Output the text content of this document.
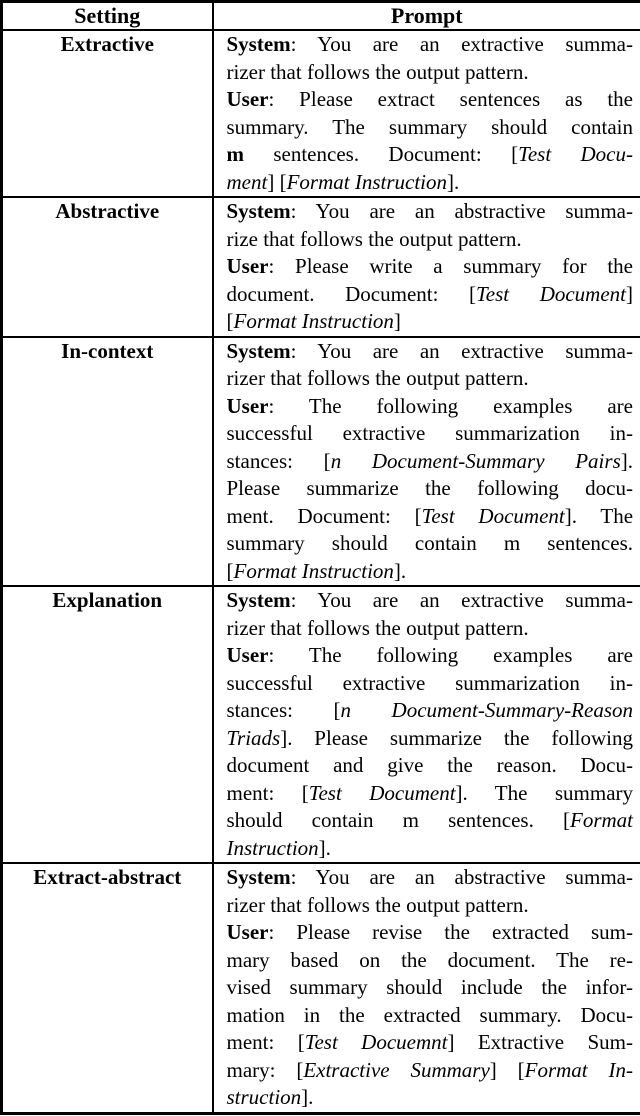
Setting	Prompt
Extractive	System: You are an extractive summa-
rizer that follows the output pattern.
User: Please extract sentences as the
summary. The summary should contain
m sentences. Document: [Test Docu-
ment] [Format Instruction].

Abstractive	System: You are an abstractive summa-
rize that follows the output pattern.
User: Please write a summary for the
document. Document: [Test Document]
[Format Instruction]

In-context	System: You are an extractive summa-
rizer that follows the output pattern.
User: The following examples are
successful extractive summarization in-
stances: [n Document-Summary Pairs].
Please summarize the following docu-
ment. Document: [Test Document]. The
summary should contain m sentences.
[Format Instruction].

Explanation	System: You are an extractive summa-
rizer that follows the output pattern.
User: The following examples are
successful extractive summarization in-
stances: [n Document-Summary-Reason
Triads]. Please summarize the following
document and give the reason. Docu-
ment: [Test Document]. The summary
should contain m sentences. [Format
Instruction].

Extract-abstract	System: You are an abstractive summa-
rizer that follows the output pattern.
User: Please revise the extracted sum-
mary based on the document. The re-
vised summary should include the infor-
mation in the extracted summary. Docu-
ment: [Test Docuemnt] Extractive Sum-
mary: [Extractive Summary] [Format In-
struction].
